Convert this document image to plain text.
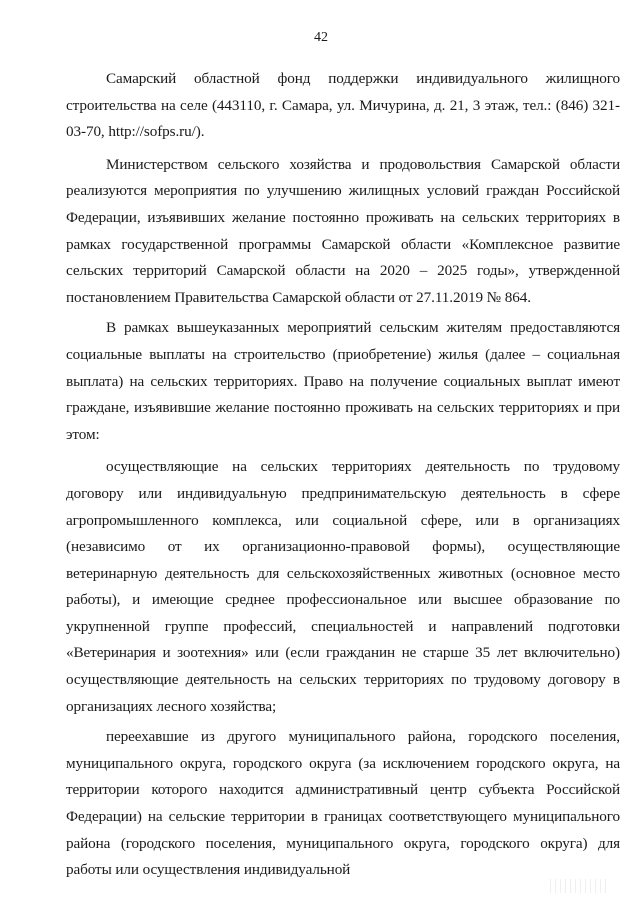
42

Самарский областной фонд поддержки индивидуального жилищного строительства на селе (443110, г. Самара, ул. Мичурина, д. 21, 3 этаж, тел.: (846) 321-03-70, http://sofps.ru/).

Министерством сельского хозяйства и продовольствия Самарской области реализуются мероприятия по улучшению жилищных условий граждан Российской Федерации, изъявивших желание постоянно проживать на сельских территориях в рамках государственной программы Самарской области «Комплексное развитие сельских территорий Самарской области на 2020 – 2025 годы», утвержденной постановлением Правительства Самарской области от 27.11.2019 № 864.

В рамках вышеуказанных мероприятий сельским жителям предоставляются социальные выплаты на строительство (приобретение) жилья (далее – социальная выплата) на сельских территориях. Право на получение социальных выплат имеют граждане, изъявившие желание постоянно проживать на сельских территориях и при этом:

осуществляющие на сельских территориях деятельность по трудовому договору или индивидуальную предпринимательскую деятельность в сфере агропромышленного комплекса, или социальной сфере, или в организациях (независимо от их организационно-правовой формы), осуществляющие ветеринарную деятельность для сельскохозяйственных животных (основное место работы), и имеющие среднее профессиональное или высшее образование по укрупненной группе профессий, специальностей и направлений подготовки «Ветеринария и зоотехния» или (если гражданин не старше 35 лет включительно) осуществляющие деятельность на сельских территориях по трудовому договору в организациях лесного хозяйства;

переехавшие из другого муниципального района, городского поселения, муниципального округа, городского округа (за исключением городского округа, на территории которого находится административный центр субъекта Российской Федерации) на сельские территории в границах соответствующего муниципального района (городского поселения, муниципального округа, городского округа) для работы или осуществления индивидуальной
